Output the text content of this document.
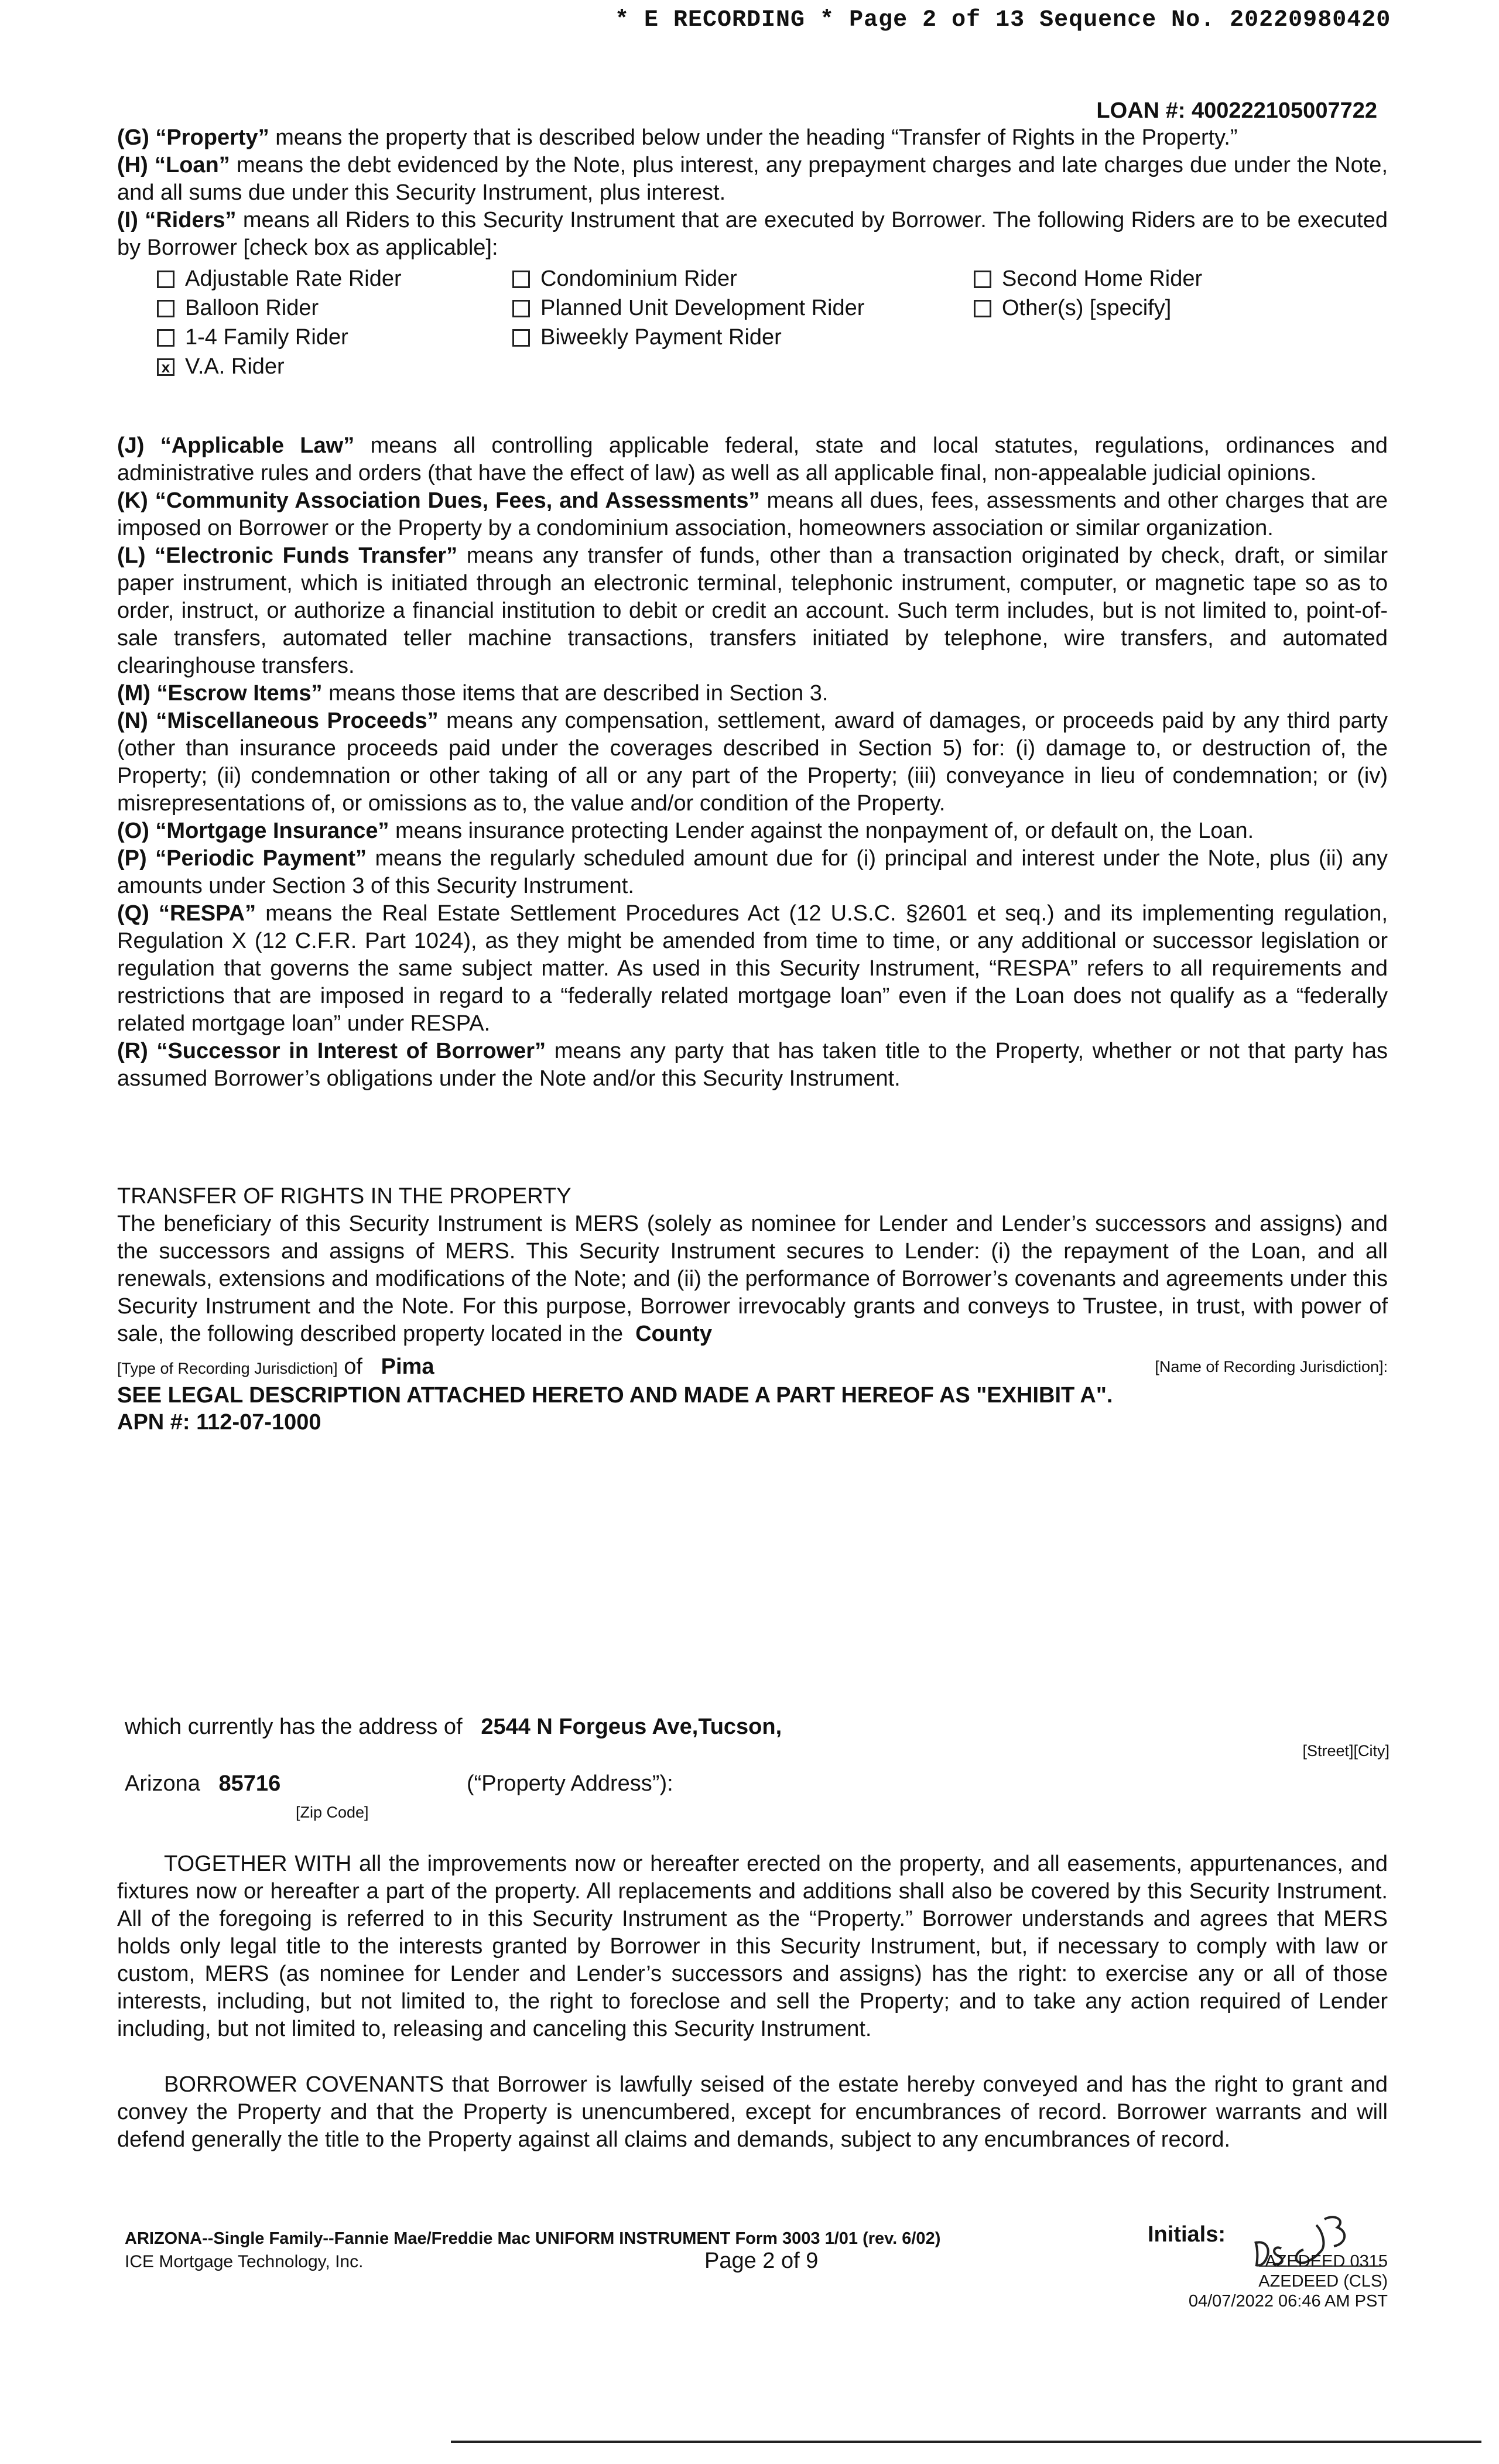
* E RECORDING * Page 2 of 13 Sequence No. 20220980420
LOAN #: 400222105007722

(G) “Property” means the property that is described below under the heading “Transfer of Rights in the Property.”

(H) “Loan” means the debt evidenced by the Note, plus interest, any prepayment charges and late charges due under the Note, and all sums due under this Security Instrument, plus interest.

(I) “Riders” means all Riders to this Security Instrument that are executed by Borrower. The following Riders are to be executed by Borrower [check box as applicable]:

Adjustable Rate Rider
Balloon Rider
1-4 Family Rider
x V.A. Rider
Condominium Rider
Planned Unit Development Rider
Biweekly Payment Rider
Second Home Rider
Other(s) [specify]

(J) “Applicable Law” means all controlling applicable federal, state and local statutes, regulations, ordinances and administrative rules and orders (that have the effect of law) as well as all applicable final, non-appealable judicial opinions.

(K) “Community Association Dues, Fees, and Assessments” means all dues, fees, assessments and other charges that are imposed on Borrower or the Property by a condominium association, homeowners association or similar organization.

(L) “Electronic Funds Transfer” means any transfer of funds, other than a transaction originated by check, draft, or similar paper instrument, which is initiated through an electronic terminal, telephonic instrument, computer, or magnetic tape so as to order, instruct, or authorize a financial institution to debit or credit an account. Such term includes, but is not limited to, point-of-sale transfers, automated teller machine transactions, transfers initiated by telephone, wire transfers, and automated clearinghouse transfers.

(M) “Escrow Items” means those items that are described in Section 3.

(N) “Miscellaneous Proceeds” means any compensation, settlement, award of damages, or proceeds paid by any third party (other than insurance proceeds paid under the coverages described in Section 5) for: (i) damage to, or destruction of, the Property; (ii) condemnation or other taking of all or any part of the Property; (iii) conveyance in lieu of condemnation; or (iv) misrepresentations of, or omissions as to, the value and/or condition of the Property.

(O) “Mortgage Insurance” means insurance protecting Lender against the nonpayment of, or default on, the Loan.

(P) “Periodic Payment” means the regularly scheduled amount due for (i) principal and interest under the Note, plus (ii) any amounts under Section 3 of this Security Instrument.

(Q) “RESPA” means the Real Estate Settlement Procedures Act (12 U.S.C. §2601 et seq.) and its implementing regulation, Regulation X (12 C.F.R. Part 1024), as they might be amended from time to time, or any additional or successor legislation or regulation that governs the same subject matter. As used in this Security Instrument, “RESPA” refers to all requirements and restrictions that are imposed in regard to a “federally related mortgage loan” even if the Loan does not qualify as a “federally related mortgage loan” under RESPA.

(R) “Successor in Interest of Borrower” means any party that has taken title to the Property, whether or not that party has assumed Borrower’s obligations under the Note and/or this Security Instrument.

TRANSFER OF RIGHTS IN THE PROPERTY

The beneficiary of this Security Instrument is MERS (solely as nominee for Lender and Lender’s successors and assigns) and the successors and assigns of MERS. This Security Instrument secures to Lender: (i) the repayment of the Loan, and all renewals, extensions and modifications of the Note; and (ii) the performance of Borrower’s covenants and agreements under this Security Instrument and the Note. For this purpose, Borrower irrevocably grants and conveys to Trustee, in trust, with power of sale, the following described property located in the County

[Type of Recording Jurisdiction] of Pima	[Name of Recording Jurisdiction]:
SEE LEGAL DESCRIPTION ATTACHED HERETO AND MADE A PART HEREOF AS "EXHIBIT A".
APN #: 112-07-1000
which currently has the address of 2544 N Forgeus Ave,Tucson,
[Street][City]
Arizona 85716	(“Property Address”):
[Zip Code]
TOGETHER WITH all the improvements now or hereafter erected on the property, and all easements, appurtenances, and fixtures now or hereafter a part of the property. All replacements and additions shall also be covered by this Security Instrument. All of the foregoing is referred to in this Security Instrument as the “Property.” Borrower understands and agrees that MERS holds only legal title to the interests granted by Borrower in this Security Instrument, but, if necessary to comply with law or custom, MERS (as nominee for Lender and Lender’s successors and assigns) has the right: to exercise any or all of those interests, including, but not limited to, the right to foreclose and sell the Property; and to take any action required of Lender including, but not limited to, releasing and canceling this Security Instrument.
BORROWER COVENANTS that Borrower is lawfully seised of the estate hereby conveyed and has the right to grant and convey the Property and that the Property is unencumbered, except for encumbrances of record. Borrower warrants and will defend generally the title to the Property against all claims and demands, subject to any encumbrances of record.
ARIZONA--Single Family--Fannie Mae/Freddie Mac UNIFORM INSTRUMENT Form 3003 1/01 (rev. 6/02)
ICE Mortgage Technology, Inc.	Page 2 of 9
Initials:
AZEDEED 0315
AZEDEED (CLS)
04/07/2022 06:46 AM PST
